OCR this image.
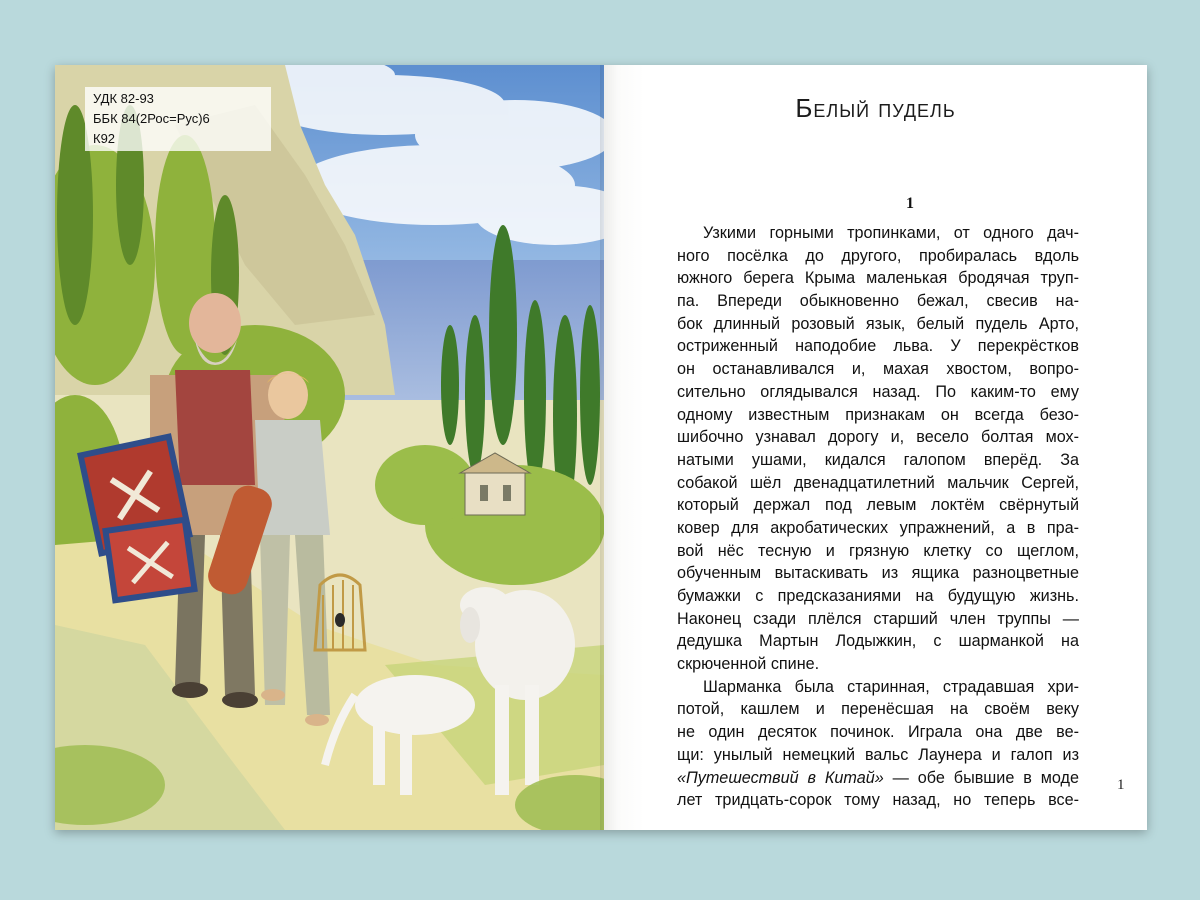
УДК 82-93
ББК 84(2Рос=Рус)6
К92
Белый пудель
1
Узкими горными тропинками, от одного дач-
ного посёлка до другого, пробиралась вдоль
южного берега Крыма маленькая бродячая труп-
па. Впереди обыкновенно бежал, свесив на-
бок длинный розовый язык, белый пудель Арто,
остриженный наподобие льва. У перекрёстков
он останавливался и, махая хвостом, вопро-
сительно оглядывался назад. По каким-то ему
одному известным признакам он всегда безо-
шибочно узнавал дорогу и, весело болтая мох-
натыми ушами, кидался галопом вперёд. За
собакой шёл двенадцатилетний мальчик Сергей,
который держал под левым локтём свёрнутый
ковер для акробатических упражнений, а в пра-
вой нёс тесную и грязную клетку со щеглом,
обученным вытаскивать из ящика разноцветные
бумажки с предсказаниями на будущую жизнь.
Наконец сзади плёлся старший член труппы —
дедушка Мартын Лодыжкин, с шарманкой на
скрюченной спине.
Шарманка была старинная, страдавшая хри-
потой, кашлем и перенёсшая на своём веку
не один десяток починок. Играла она две ве-
щи: унылый немецкий вальс Лаунера и галоп из
«Путешествий в Китай» — обе бывшие в моде
лет тридцать-сорок тому назад, но теперь все-
1
